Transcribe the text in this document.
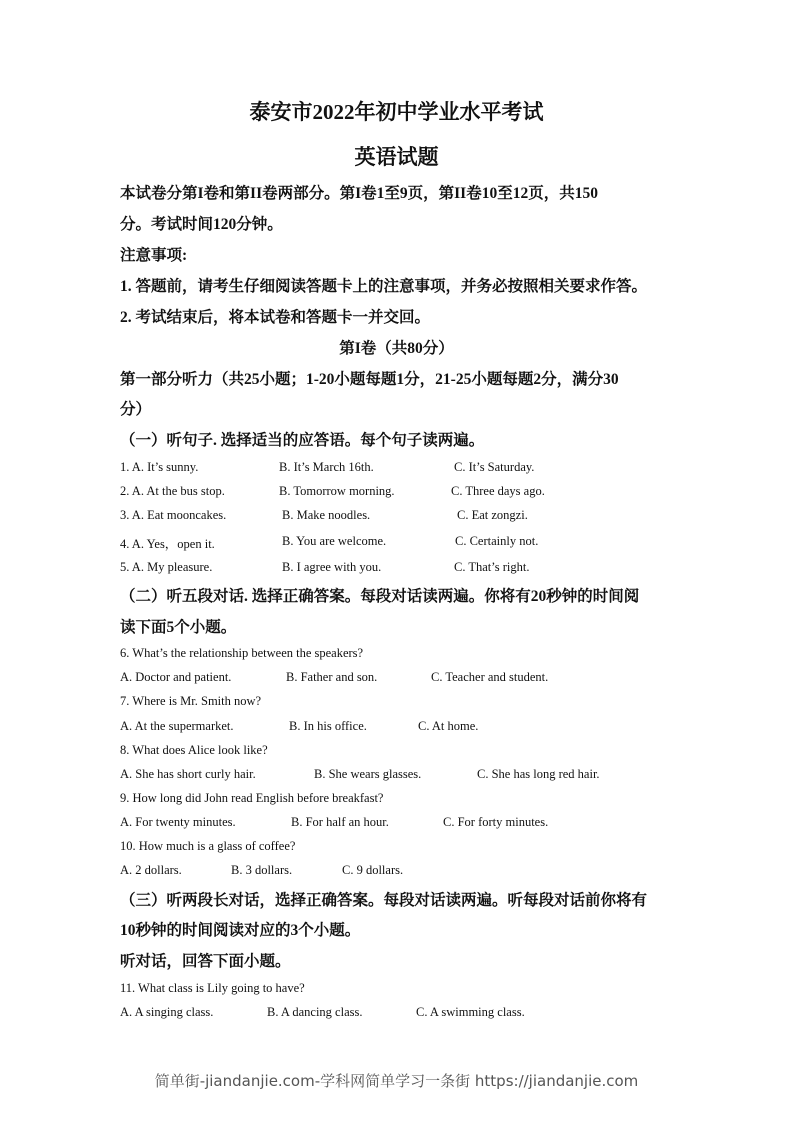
泰安市2022年初中学业水平考试
英语试题
本试卷分第I卷和第II卷两部分。第I卷1至9页，第II卷10至12页，共150
分。考试时间120分钟。
注意事项:
1. 答题前，请考生仔细阅读答题卡上的注意事项，并务必按照相关要求作答。
2. 考试结束后，将本试卷和答题卡一并交回。
第I卷（共80分）
第一部分听力（共25小题；1-20小题每题1分，21-25小题每题2分，满分30
分）
（一）听句子. 选择适当的应答语。每个句子读两遍。
1. A. It’s sunny.	B. It’s March 16th.	C. It’s Saturday.
2. A. At the bus stop.	B. Tomorrow morning.	C. Three days ago.
3. A. Eat mooncakes.	B. Make noodles.	C. Eat zongzi.
4. A. Yes，open it.	B. You are welcome.	C. Certainly not.
5. A. My pleasure.	B. I agree with you.	C. That’s right.
（二）听五段对话. 选择正确答案。每段对话读两遍。你将有20秒钟的时间阅
读下面5个小题。
6. What’s the relationship between the speakers?
A. Doctor and patient.	B. Father and son.	C. Teacher and student.
7. Where is Mr. Smith now?
A. At the supermarket.	B. In his office.	C. At home.
8. What does Alice look like?
A. She has short curly hair.	B. She wears glasses.	C. She has long red hair.
9. How long did John read English before breakfast?
A. For twenty minutes.	B. For half an hour.	C. For forty minutes.
10. How much is a glass of coffee?
A. 2 dollars.	B. 3 dollars.	C. 9 dollars.
（三）听两段长对话，选择正确答案。每段对话读两遍。听每段对话前你将有
10秒钟的时间阅读对应的3个小题。
听对话，回答下面小题。
11. What class is Lily going to have?
A. A singing class.	B. A dancing class.	C. A swimming class.
简单街-jiandanjie.com-学科网简单学习一条街 https://jiandanjie.com
